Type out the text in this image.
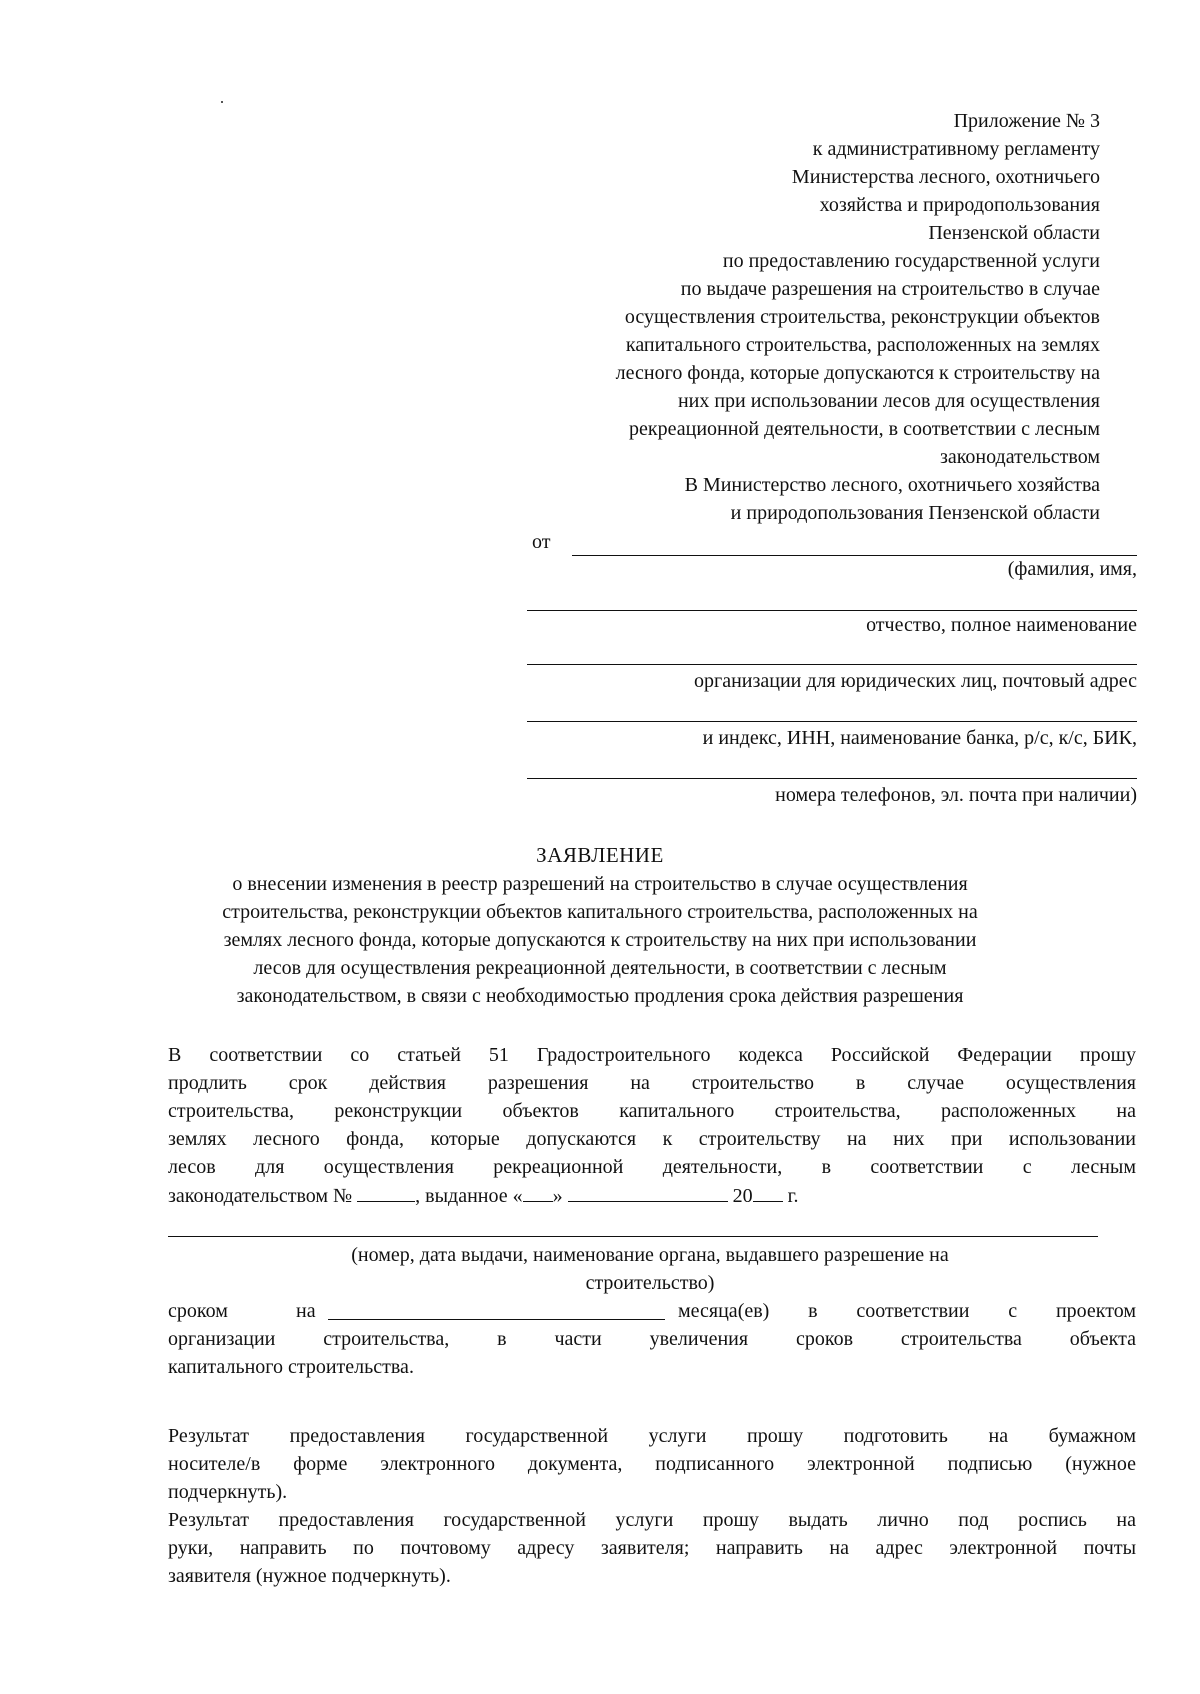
Приложение № 3
к административному регламенту
Министерства лесного, охотничьего
хозяйства и природопользования
Пензенской области
по предоставлению государственной услуги
по выдаче разрешения на строительство в случае
осуществления строительства, реконструкции объектов
капитального строительства, расположенных на землях
лесного фонда, которые допускаются к строительству на
них при использовании лесов для осуществления
рекреационной деятельности, в соответствии с лесным
законодательством
В Министерство лесного, охотничьего хозяйства
и природопользования Пензенской области
от
(фамилия, имя,
отчество, полное наименование
организации для юридических лиц, почтовый адрес
и индекс, ИНН, наименование банка, р/с, к/с, БИК,
номера телефонов, эл. почта при наличии)
ЗАЯВЛЕНИЕ
о внесении изменения в реестр разрешений на строительство в случае осуществления
строительства, реконструкции объектов капитального строительства, расположенных на
землях лесного фонда, которые допускаются к строительству на них при использовании
лесов для осуществления рекреационной деятельности, в соответствии с лесным
законодательством, в связи с необходимостью продления срока действия разрешения
В соответствии со статьей 51 Градостроительного кодекса Российской Федерации прошу
продлить срок действия разрешения на строительство в случае осуществления
строительства, реконструкции объектов капитального строительства, расположенных на
землях лесного фонда, которые допускаются к строительству на них при использовании
лесов для осуществления рекреационной деятельности, в соответствии с лесным
законодательством №	, выданное « »	20 г.
(номер, дата выдачи, наименование органа, выдавшего разрешение на
строительство)
сроком	на	месяца(ев) в соответствии с проектом
организации строительства, в части увеличения сроков строительства объекта
капитального строительства.
Результат предоставления государственной услуги прошу подготовить на бумажном
носителе/в форме электронного документа, подписанного электронной подписью (нужное
подчеркнуть).
Результат предоставления государственной услуги прошу выдать лично под роспись на
руки, направить по почтовому адресу заявителя; направить на адрес электронной почты
заявителя (нужное подчеркнуть).
